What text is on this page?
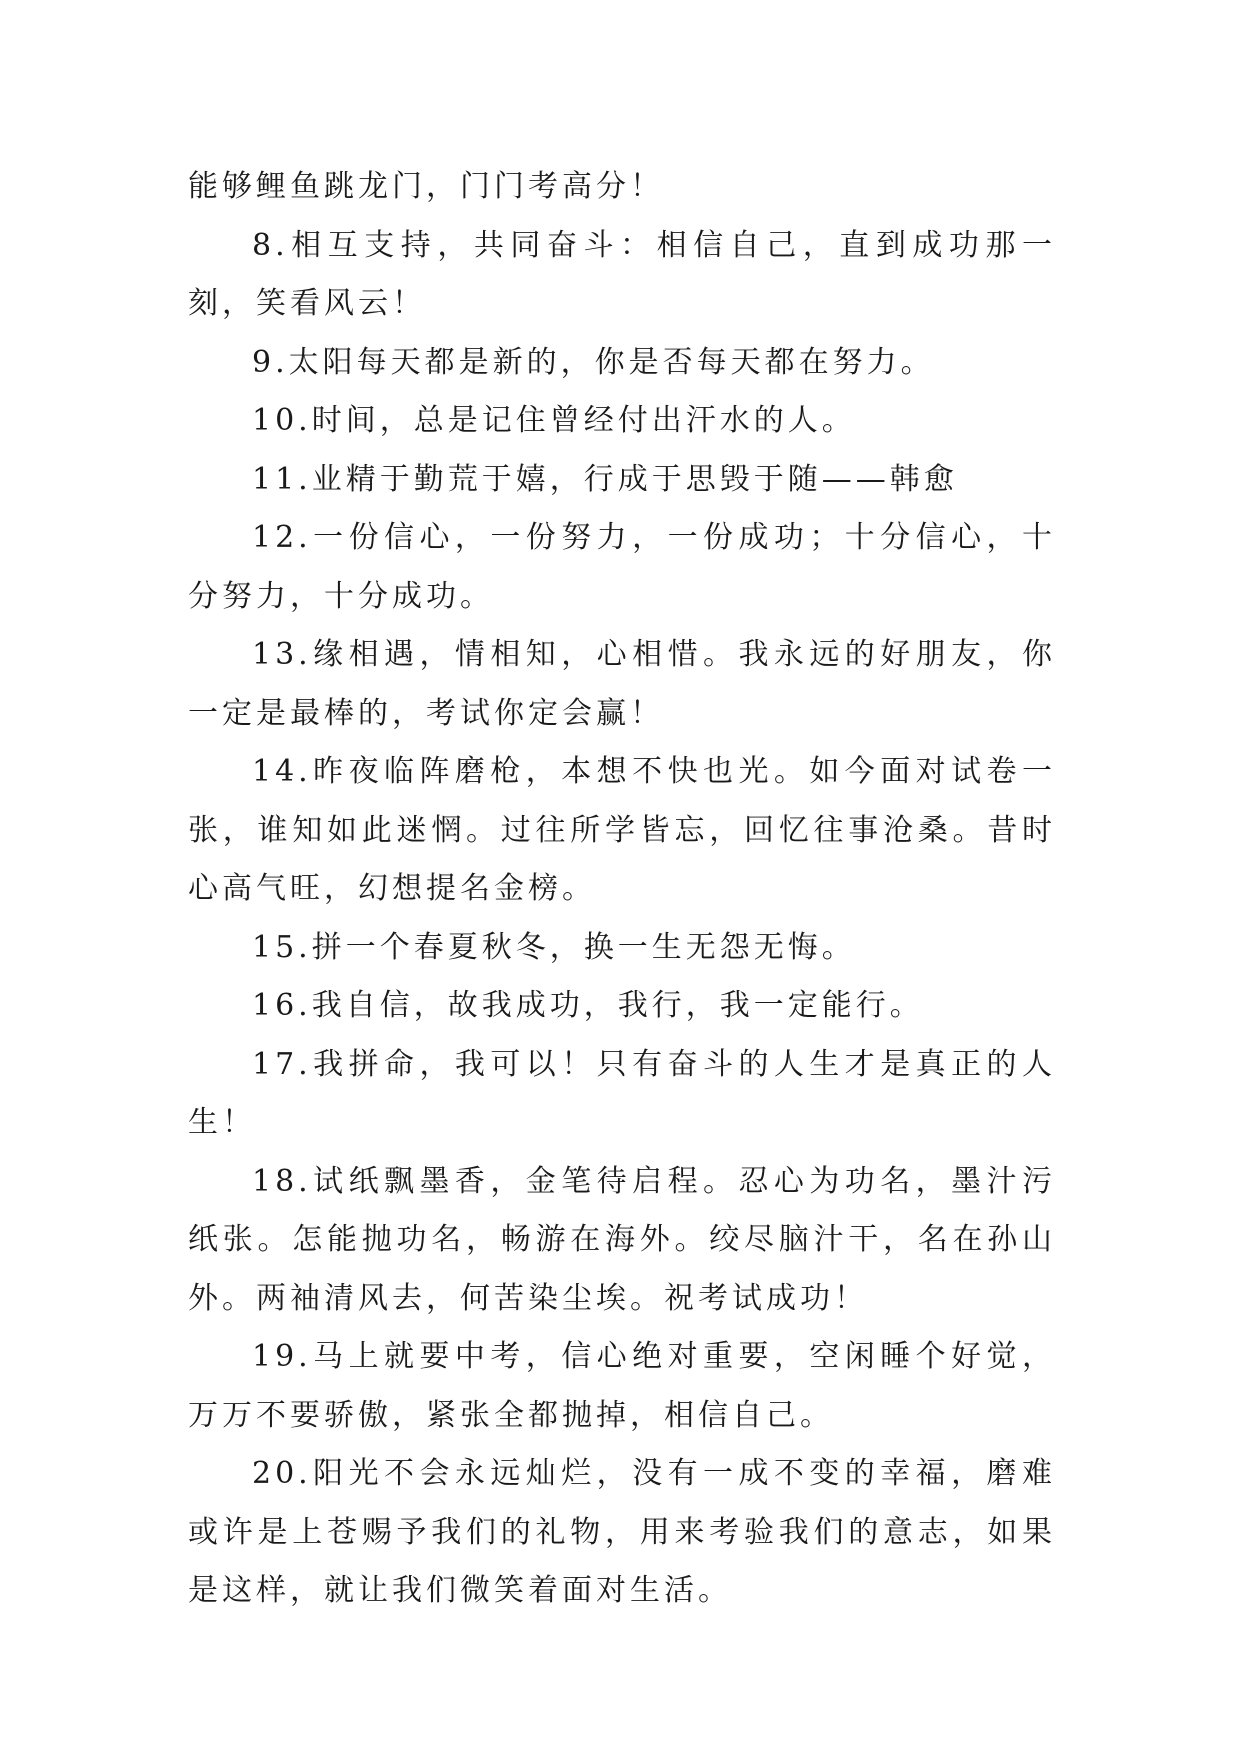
能够鲤鱼跳龙门，门门考高分！

8.相互支持，共同奋斗：相信自己，直到成功那一刻，笑看风云！

9.太阳每天都是新的，你是否每天都在努力。

10.时间，总是记住曾经付出汗水的人。

11.业精于勤荒于嬉，行成于思毁于随——韩愈

12.一份信心，一份努力，一份成功；十分信心，十分努力，十分成功。

13.缘相遇，情相知，心相惜。我永远的好朋友，你一定是最棒的，考试你定会赢！

14.昨夜临阵磨枪，本想不快也光。如今面对试卷一张，谁知如此迷惘。过往所学皆忘，回忆往事沧桑。昔时心高气旺，幻想提名金榜。

15.拼一个春夏秋冬，换一生无怨无悔。

16.我自信，故我成功，我行，我一定能行。

17.我拼命，我可以！只有奋斗的人生才是真正的人生！

18.试纸飘墨香，金笔待启程。忍心为功名，墨汁污纸张。怎能抛功名，畅游在海外。绞尽脑汁干，名在孙山外。两袖清风去，何苦染尘埃。祝考试成功！

19.马上就要中考，信心绝对重要，空闲睡个好觉，万万不要骄傲，紧张全都抛掉，相信自己。

20.阳光不会永远灿烂，没有一成不变的幸福，磨难或许是上苍赐予我们的礼物，用来考验我们的意志，如果是这样，就让我们微笑着面对生活。
